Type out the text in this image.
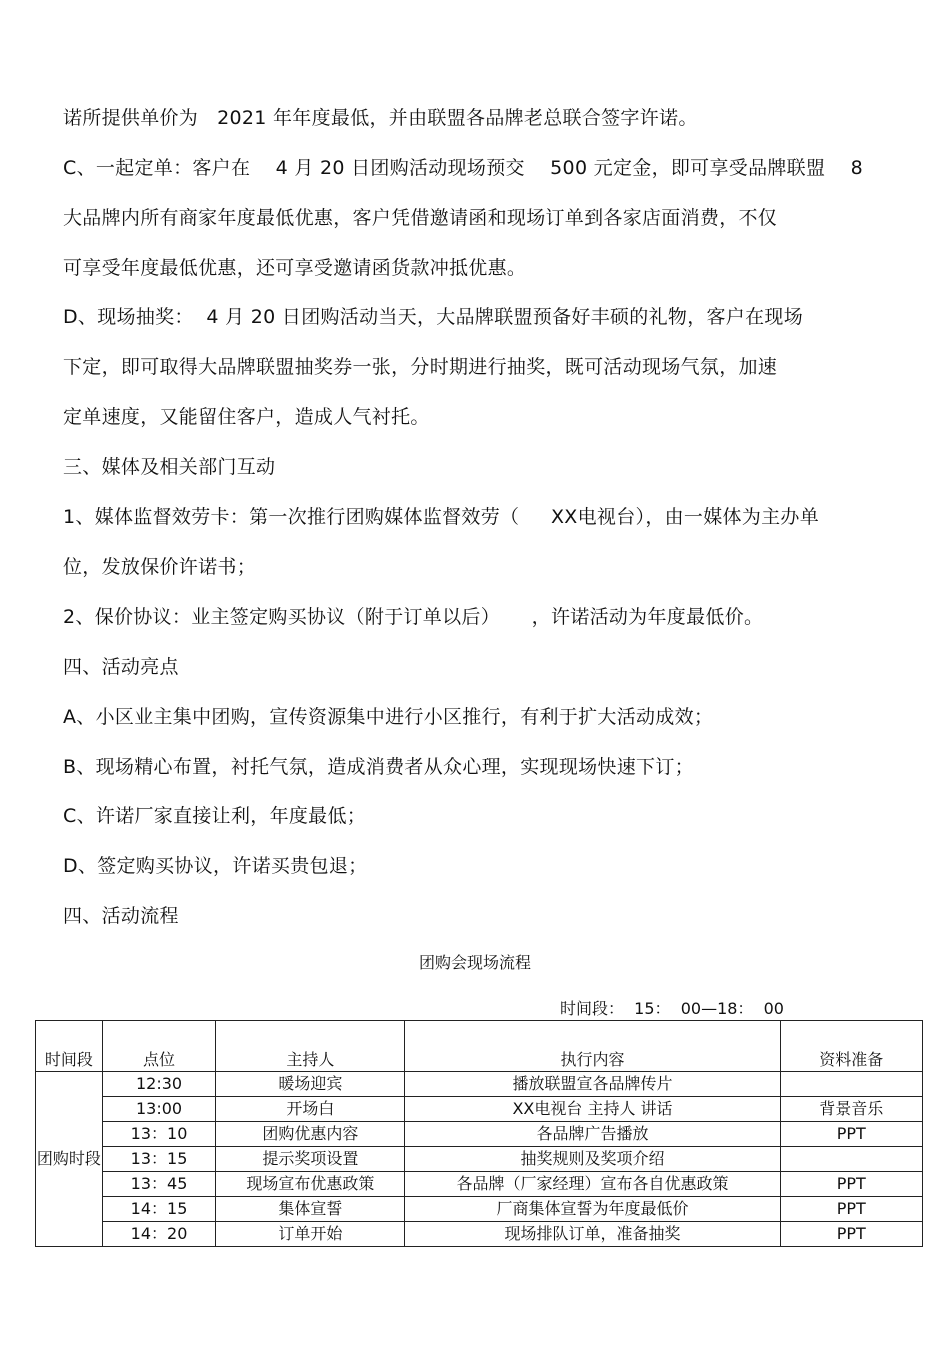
诺所提供单价为   2021 年年度最低，并由联盟各品牌老总联合签字许诺。
C、一起定单：客户在    4 月 20 日团购活动现场预交    500 元定金，即可享受品牌联盟    8
大品牌内所有商家年度最低优惠，客户凭借邀请函和现场订单到各家店面消费，不仅
可享受年度最低优惠，还可享受邀请函货款冲抵优惠。
D、现场抽奖：  4 月 20 日团购活动当天，大品牌联盟预备好丰硕的礼物，客户在现场
下定，即可取得大品牌联盟抽奖券一张，分时期进行抽奖，既可活动现场气氛，加速
定单速度，又能留住客户，造成人气衬托。
三、媒体及相关部门互动
1、媒体监督效劳卡：第一次推行团购媒体监督效劳（     XX电视台），由一媒体为主办单
位，发放保价许诺书；
2、保价协议：业主签定购买协议（附于订单以后）     ，许诺活动为年度最低价。
四、活动亮点
A、小区业主集中团购，宣传资源集中进行小区推行，有利于扩大活动成效；
B、现场精心布置，衬托气氛，造成消费者从众心理，实现现场快速下订；
C、许诺厂家直接让利，年度最低；
D、签定购买协议，许诺买贵包退；
四、活动流程
团购会现场流程
时间段：  15：  00—18：  00
时间段	点位	主持人	执行内容	资料准备
团购时段	12:30	暖场迎宾	播放联盟宣各品牌传片	
	13:00	开场白	XX电视台 主持人 讲话	背景音乐
	13：10	团购优惠内容	各品牌广告播放	PPT
	13：15	提示奖项设置	抽奖规则及奖项介绍	
	13：45	现场宣布优惠政策	各品牌（厂家经理）宣布各自优惠政策	PPT
	14：15	集体宣誓	厂商集体宣誓为年度最低价	PPT
	14：20	订单开始	现场排队订单，准备抽奖	PPT
